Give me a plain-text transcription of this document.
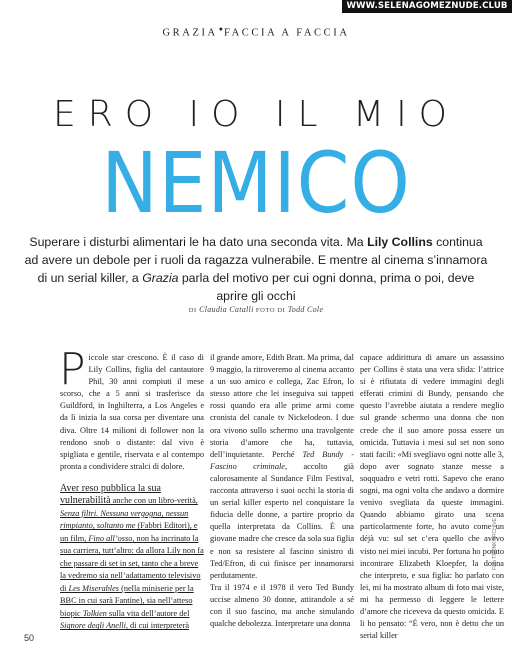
WWW.SELENAGOMEZNUDE.CLUB
GRAZIA●FACCIA A FACCIA
ERO IO IL MIO
NEMICO
Superare i disturbi alimentari le ha dato una seconda vita. Ma Lily Collins continua ad avere un debole per i ruoli da ragazza vulnerabile. E mentre al cinema s’innamora di un serial killer, a Grazia parla del motivo per cui ogni donna, prima o poi, deve aprire gli occhi
DI Claudia Catalli FOTO DI Todd Cole

Piccole star crescono. È il caso di Lily Collins, figlia del cantautore Phil, 30 anni compiuti il mese scorso, che a 5 anni si trasferisce da Guildford, in Inghilterra, a Los Angeles e da lì inizia la sua corsa per diventare una diva. Oltre 14 milioni di follower non la rendono snob o distante: dal vivo è spigliata e gentile, riservata e al contempo pronta a condividere stralci di dolore.

Aver reso pubblica la sua vulnerabilità anche con un libro-verità, Senza filtri. Nessuna vergogna, nessun rimpianto, soltanto me (Fabbri Editori), e un film, Fino all’osso, non ha incrinato la sua carriera, tutt’altro: da allora Lily non fa che passare di set in set, tanto che a breve la vedremo sia nell’adattamento televisivo di Les Miserables (nella miniserie per la BBC in cui sarà Fantine), sia nell’atteso biopic Tolkien sulla vita dell’autore del Signore degli Anelli, di cui interpreterà

il grande amore, Edith Bratt. Ma prima, dal 9 maggio, la ritroveremo al cinema accanto a un suo amico e collega, Zac Efron, lo stesso attore che lei inseguiva sui tappeti rossi quando era alle prime armi come cronista del canale tv Nickelodeon. I due ora vivono sullo schermo una travolgente storia d’amore che ha, tuttavia, dell’inquietante. Perché Ted Bundy - Fascino criminale, accolto già calorosamente al Sundance Film Festival, racconta attraverso i suoi occhi la storia di un serial killer esperto nel conquistare la fiducia delle donne, a partire proprio da quella interpretata da Collins. È una giovane madre che cresce da sola sua figlia e non sa resistere al fascino sinistro di Ted/Efron, di cui finisce per innamorarsi perdutamente.

Tra il 1974 e il 1978 il vero Ted Bundy uccise almeno 30 donne, attirandole a sé con il suo fascino, ma anche simulando qualche debolezza. Interpretare una donna

capace addirittura di amare un assassino per Collins è stata una vera sfida: l’attrice si è rifiutata di vedere immagini degli efferati crimini di Bundy, pensando che questo l’avrebbe aiutata a rendere meglio sul grande schermo una donna che non crede che il suo amore possa essere un omicida. Tuttavia i mesi sul set non sono stati facili: «Mi svegliavo ogni notte alle 3, dopo aver sognato stanze messe a soqquadro e vetri rotti. Sapevo che erano sogni, ma ogni volta che andavo a dormire venivo svegliata da queste immagini. Quando abbiamo girato una scena particolarmente forte, ho avuto come un déjà vu: sul set c’era quello che avevo visto nei miei incubi. Per fortuna ho potuto incontrare Elizabeth Kloepfer, la donna che interpreto, e sua figlia: ho parlato con lei, mi ha mostrato album di foto mai viste, mi ha permesso di leggere le lettere d’amore che riceveva da questo omicida. E li ho pensato: “È vero, non è detto che un serial killer

50
Foto TRUNK ARCHIVE
